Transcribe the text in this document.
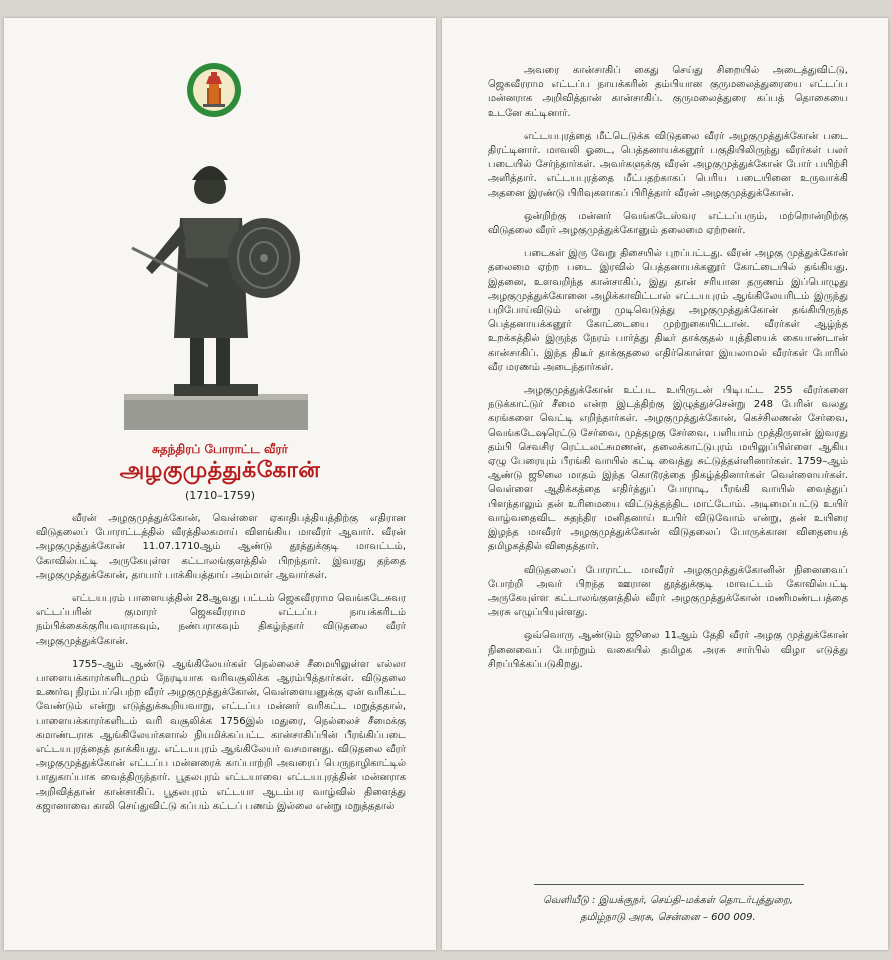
சுதந்திரப் போராட்ட வீரர்
அழகுமுத்துக்கோன்
(1710–1759)

வீரன் அழகுமுத்துக்கோன், வெள்ளை ஏகாதிபத்தியத்திற்கு எதிரான விடுதலைப் போராட்டத்தில் வீரத்திலகமாய் விளங்கிய மாவீரர் ஆவார். வீரன் அழகுமுத்துக்கோன் 11.07.1710ஆம் ஆண்டு தூத்துக்குடி மாவட்டம், கோவில்பட்டி அருகேயுள்ள கட்டாலங்குளத்தில் பிறந்தார். இவரது தந்தை அழகுமுத்துக்கோன், தாயார் பாக்கியத்தாய் அம்மாள் ஆவார்கள்.

எட்டயபுரம் பாளையத்தின் 28ஆவது பட்டம் ஜெகவீரராம வெங்கடேசுவர எட்டப்பரின் குமாரர் ஜெகவீரராம எட்டப்ப நாயக்கரிடம் நம்பிக்கைக்குரியவராகவும், நண்பராகவும் திகழ்ந்தார் விடுதலை வீரர் அழகுமுத்துக்கோன்.

1755–ஆம் ஆண்டு ஆங்கிலேயர்கள் நெல்லைச் சீமையிலுள்ள எல்லா பாளையக்காரர்களிடமும் நேரடியாக வரிவசூலிக்க ஆரம்பித்தார்கள். விடுதலை உணர்வு நிரம்பப்பெற்ற வீரர் அழகுமுத்துக்கோன், வெள்ளையனுக்கு ஏன் வரிகட்ட வேண்டும் என்று எடுத்துக்கூறியவாறு, எட்டப்ப மன்னர் வரிகட்ட மறுத்ததால், பாளையக்காரர்களிடம் வரி வசூலிக்க 1756இல் மதுரை, நெல்லைச் சீமைக்கு கமாண்டராக ஆங்கிலேயர்களால் நியமிக்கப்பட்ட கான்சாகிப்பின் பீரங்கிப்படை எட்டயபுரத்தைத் தாக்கியது. எட்டயபுரம் ஆங்கிலேயர் வசமானது. விடுதலை வீரர் அழகுமுத்துக்கோன் எட்டப்ப மன்னரைக் காப்பாற்றி அவரைப் பெருநாழிகாட்டில் பாதுகாப்பாக வைத்திருந்தார். பூதலபுரம் எட்டயாவை எட்டயபுரத்தின் மன்னராக அறிவித்தான் கான்சாகிப். பூதலபுரம் எட்டயா ஆடம்பர வாழ்வில் திளைத்து கஜானாவை காலி செய்துவிட்டு கப்பம் கட்டப் பணம் இல்லை என்று மறுத்ததால்

அவரை கான்சாகிப் கைது செய்து சிறையில் அடைத்துவிட்டு, ஜெகவீரராம எட்டப்ப நாயக்கரின் தம்பியான குருமலைத்துரையை எட்டப்ப மன்னராக அறிவித்தான் கான்சாகிப். குருமலைத்துரை கப்பத் தொகையை உடனே கட்டினார்.

எட்டயபுரத்தை மீட்டெடுக்க விடுதலை வீரர் அழகுமுத்துக்கோன் படை திரட்டினார். மாவலி ஓடை, பெத்தனாயக்கனூர் பகுதியிலிருந்து வீரர்கள் பலர் படையில் சேர்ந்தார்கள். அவர்களுக்கு வீரன் அழகுமுத்துக்கோன் போர் பயிற்சி அளித்தார். எட்டயபுரத்தை மீட்பதற்காகப் பெரிய படையினை உருவாக்கி அதனை இரண்டு பிரிவுகளாகப் பிரித்தார் வீரன் அழகுமுத்துக்கோன்.

ஒன்றிற்கு மன்னர் வெங்கடேஸ்வர எட்டப்பரும், மற்றொன்றிற்கு விடுதலை வீரர் அழகுமுத்துக்கோனும் தலைமை ஏற்றனர்.

படைகள் இரு வேறு திசையில் புறப்பட்டது. வீரன் அழகு முத்துக்கோன் தலைமை ஏற்ற படை இரவில் பெத்தனாயக்கனூர் கோட்டையில் தங்கியது. இதனை, உளவறிந்த கான்சாகிப், இது தான் சரியான தருணம் இப்பொழுது அழகுமுத்துக்கோனை அழிக்காவிட்டால் எட்டயபுரம் ஆங்கிலேயரிடம் இருந்து பறிபோய்விடும் என்று முடிவெடுத்து அழகுமுத்துக்கோன் தங்கியிருந்த பெத்தனாயக்கனூர் கோட்டையை முற்றுகையிட்டான். வீரர்கள் ஆழ்ந்த உறக்கத்தில் இருந்த நேரம் பார்த்து திடீர் தாக்குதல் யுத்தியைக் கையாண்டான் கான்சாகிப். இந்த திடீர் தாக்குதலை எதிர்கொள்ள இயலாமல் வீரர்கள் போரில் வீர மரணம் அடைந்தார்கள்.

அழகுமுத்துக்கோன் உட்பட உயிருடன் பிடிபட்ட 255 வீரர்களை நடுக்காட்டுர் சீமை என்ற இடத்திற்கு இழுத்துச்சென்று 248 பேரின் வலது கரங்களை வெட்டி எறிந்தார்கள். அழகுமுத்துக்கோன், கெச்சிலணன் சேர்வை, வெங்கடேஷரெட்டு சேர்வை, முத்தழகு சேர்வை, பளியாம் முத்திருளன் இவரது தம்பி செவசிர ரெட்டலட்சுமணன், தலைக்காட்டுபுரம் மயிலுப்பிள்ளை ஆகிய ஏழு பேரையும் பீரங்கி வாயில் கட்டி வைத்து சுட்டுத்தள்ளினார்கள். 1759–ஆம் ஆண்டு ஜூலை மாதம் இந்த கொடூரத்தை நிகழ்த்தினார்கள் வெள்ளையர்கள். வெள்ளை ஆதிக்கத்தை எதிர்த்துப் போராடி, பீரங்கி வாயில் வைத்துப் பிளந்தாலும் தன் உரிமையை விட்டுத்தந்திட மாட்டோம். அடிமைப்பட்டு உயிர் வாழ்வதைவிட சுதந்திர மனிதனாய் உயிர் விடுவோம் என்று, தன் உயிரை இழந்த மாவீரர் அழகுமுத்துக்கோன் விடுதலைப் போருக்கான விதையைத் தமிழகத்தில் விதைத்தார்.

விடுதலைப் போராட்ட மாவீரர் அழகுமுத்துக்கோனின் நினைவைப் போற்றி அவர் பிறந்த ஊரான தூத்துக்குடி மாவட்டம் கோவில்பட்டி அருகேயுள்ள கட்டாலங்குளத்தில் வீரர் அழகுமுத்துக்கோன் மணிமண்டபத்தை அரசு எழுப்பியுள்ளது.

ஒவ்வொரு ஆண்டும் ஜூலை 11ஆம் தேதி வீரர் அழகு முத்துக்கோன் நினைவைப் போற்றும் வகையில் தமிழக அரசு சார்பில் விழா எடுத்து சிறப்பிக்கப்படுகிறது.

வெளியீடு : இயக்குநர், செய்தி–மக்கள் தொடர்புத்துறை,
தமிழ்நாடு அரசு, சென்னை – 600 009.
